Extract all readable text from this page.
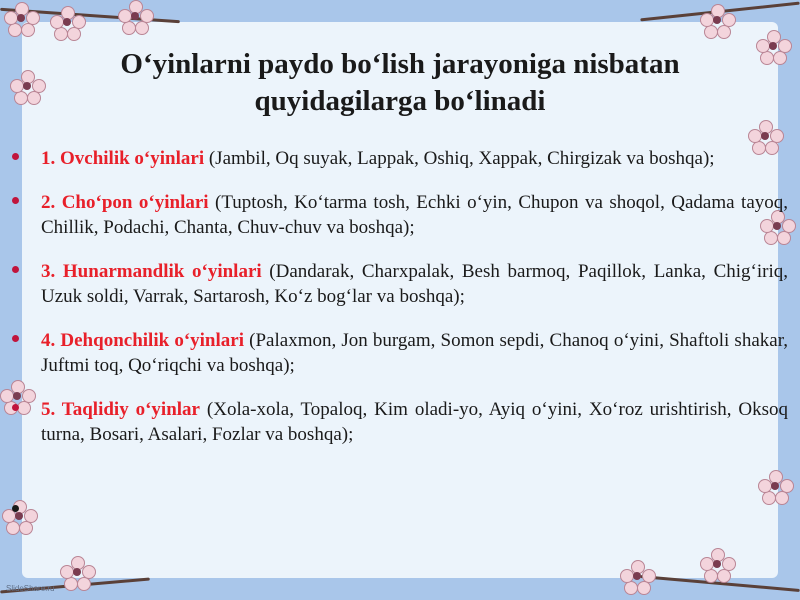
O‘yinlarni paydo bo‘lish jarayoniga nisbatan quyidagilarga bo‘linadi
1. Ovchilik o‘yinlari (Jambil, Oq suyak, Lappak, Oshiq, Xappak, Chirgizak va boshqa);
2. Cho‘pon o‘yinlari (Tuptosh, Ko‘tarma tosh, Echki o‘yin, Chupon va shoqol, Qadama tayoq, Chillik, Podachi, Chanta, Chuv-chuv va boshqa);
3. Hunarmandlik o‘yinlari (Dandarak, Charxpalak, Besh barmoq, Paqillok, Lanka, Chig‘iriq, Uzuk soldi, Varrak, Sartarosh, Ko‘z bog‘lar va boshqa);
4. Dehqonchilik o‘yinlari (Palaxmon, Jon burgam, Somon sepdi, Chanoq o‘yini, Shaftoli shakar, Juftmi toq, Qo‘riqchi va boshqa);
5. Taqlidiy o‘yinlar (Xola-xola, Topaloq, Kim oladi-yo, Ayiq o‘yini, Xo‘roz urishtirish, Oksoq turna, Bosari, Asalari, Fozlar va boshqa);
SlideShare.ru
